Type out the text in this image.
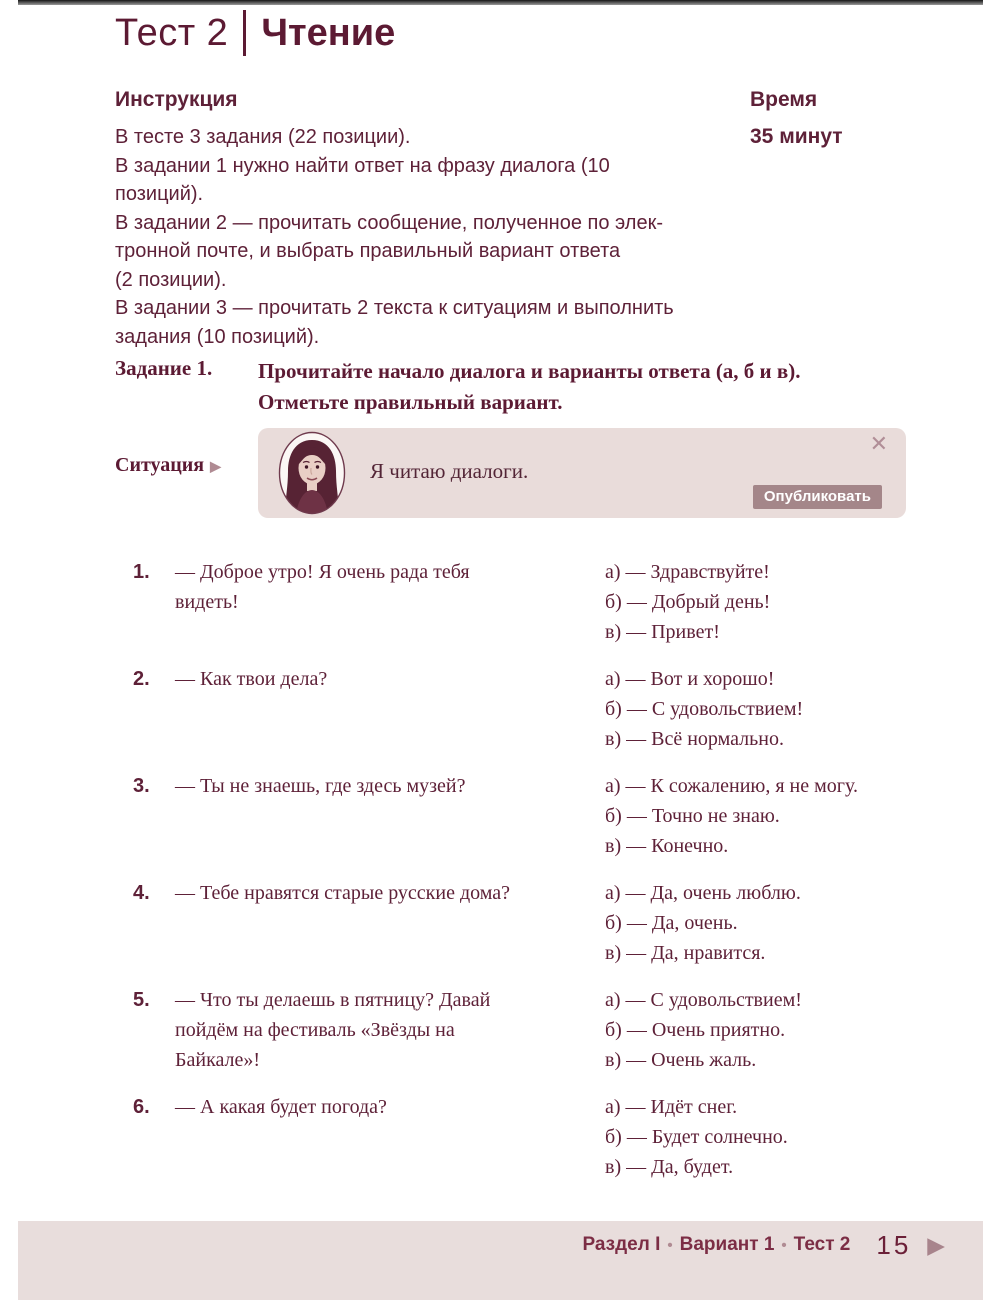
Тест 2 Чтение
Инструкция
В тесте 3 задания (22 позиции).
В задании 1 нужно найти ответ на фразу диалога (10 позиций).
В задании 2 — прочитать сообщение, полученное по элек-
тронной почте, и выбрать правильный вариант ответа
(2 позиции).
В задании 3 — прочитать 2 текста к ситуациям и выполнить
задания (10 позиций).
Время
35 минут
Задание 1. Прочитайте начало диалога и варианты ответа (а, б и в).
Отметьте правильный вариант.
Ситуация ▶	Я читаю диалоги.
✕
Опубликовать
1.	— Доброе утро! Я очень рада тебя
видеть!
а) — Здравствуйте!
б) — Добрый день!
в) — Привет!
2.	— Как твои дела?	а) — Вот и хорошо!
б) — С удовольствием!
в) — Всё нормально.
3.	— Ты не знаешь, где здесь музей?	а) — К сожалению, я не могу.
б) — Точно не знаю.
в) — Конечно.
4.	— Тебе нравятся старые русские дома?	а) — Да, очень люблю.
б) — Да, очень.
в) — Да, нравится.
5.	— Что ты делаешь в пятницу? Давай
пойдём на фестиваль «Звёзды на
Байкале»!
а) — С удовольствием!
б) — Очень приятно.
в) — Очень жаль.
6.	— А какая будет погода?	а) — Идёт снег.
б) — Будет солнечно.
в) — Да, будет.
Раздел I • Вариант 1 • Тест 2 15 ▶
